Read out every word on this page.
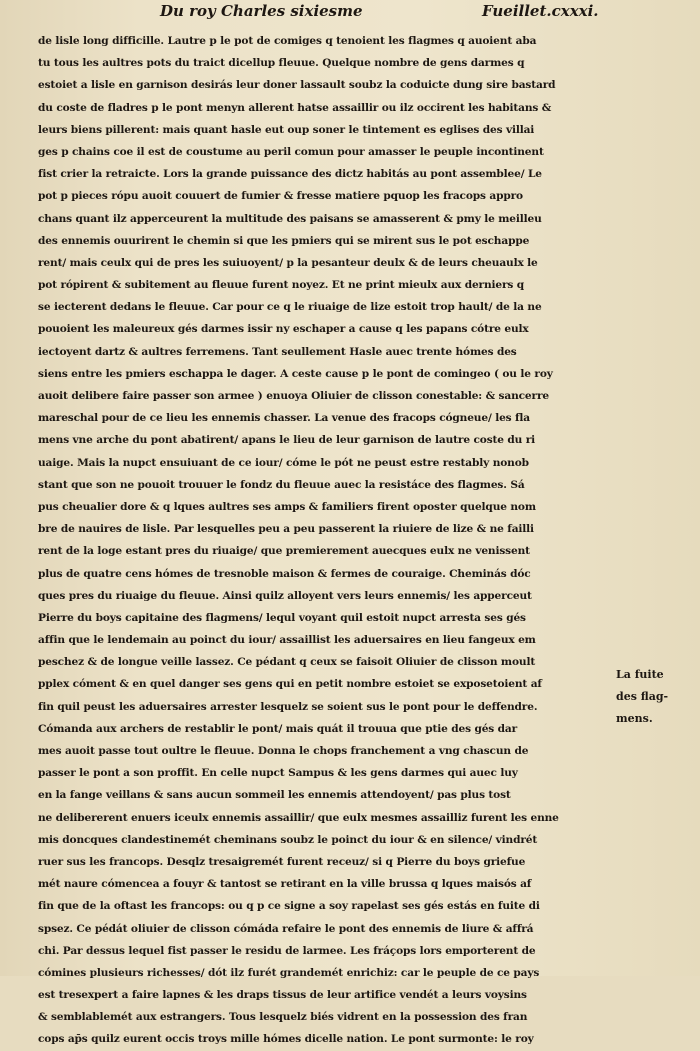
Du roy Charles sixiesme	Fueillet.cxxxi.
de lisle long difficille. Lautre p le pot de comiges q tenoient les flagmes q auoient aba
tu tous les aultres pots du traict dicellup fleuue. Quelque nombre de gens darmes q
estoiet a lisle en garnison desirás leur doner lassault soubz la coduicte dung sire bastard
du coste de fladres p le pont menyn allerent hatse assaillir ou ilz occirent les habitans &
leurs biens pillerent: mais quant hasle eut oup soner le tintement es eglises des villai
ges p chains coe il est de coustume au peril comun pour amasser le peuple incontinent
fist crier la retraicte. Lors la grande puissance des dictz habitás au pont assemblee/ Le
pot p pieces rópu auoit couuert de fumier & fresse matiere pquop les fracops appro
chans quant ilz apperceurent la multitude des paisans se amasserent & pmy le meilleu
des ennemis ouurirent le chemin si que les pmiers qui se mirent sus le pot eschappe
rent/ mais ceulx qui de pres les suiuoyent/ p la pesanteur deulx & de leurs cheuaulx le
pot rópirent & subitement au fleuue furent noyez. Et ne print mieulx aux derniers q
se iecterent dedans le fleuue. Car pour ce q le riuaige de lize estoit trop hault/ de la ne
pouoient les maleureux gés darmes issir ny eschaper a cause q les papans cótre eulx
iectoyent dartz & aultres ferremens. Tant seullement Hasle auec trente hómes des
siens entre les pmiers eschappa le dager. A ceste cause p le pont de comingeo ( ou le roy
auoit delibere faire passer son armee ) enuoya Oliuier de clisson conestable: & sancerre
mareschal pour de ce lieu les ennemis chasser. La venue des fracops cógneue/ les fla
mens vne arche du pont abatirent/ apans le lieu de leur garnison de lautre coste du ri
uaige. Mais la nupct ensuiuant de ce iour/ cóme le pót ne peust estre restably nonob
stant que son ne pouoit trouuer le fondz du fleuue auec la resistáce des flagmes. Sá
pus cheualier dore & q lques aultres ses amps & familiers firent oposter quelque nom
bre de nauires de lisle. Par lesquelles peu a peu passerent la riuiere de lize & ne failli
rent de la loge estant pres du riuaige/ que premierement auecques eulx ne venissent
plus de quatre cens hómes de tresnoble maison & fermes de couraige. Cheminás dóc
ques pres du riuaige du fleuue. Ainsi quilz alloyent vers leurs ennemis/ les apperceut
Pierre du boys capitaine des flagmens/ lequl voyant quil estoit nupct arresta ses gés
affin que le lendemain au poinct du iour/ assaillist les aduersaires en lieu fangeux em
peschez & de longue veille lassez. Ce pédant q ceux se faisoit Oliuier de clisson moult
pplex cóment & en quel danger ses gens qui en petit nombre estoiet se exposetoient af
fin quil peust les aduersaires arrester lesquelz se soient sus le pont pour le deffendre.
Cómanda aux archers de restablir le pont/ mais quát il trouua que ptie des gés dar
mes auoit passe tout oultre le fleuue. Donna le chops franchement a vng chascun de
passer le pont a son proffit. En celle nupct Sampus & les gens darmes qui auec luy
en la fange veillans & sans aucun sommeil les ennemis attendoyent/ pas plus tost
ne delibererent enuers iceulx ennemis assaillir/ que eulx mesmes assailliz furent les enne
mis doncques clandestinemét cheminans soubz le poinct du iour & en silence/ vindrét
ruer sus les francops. Desqlz tresaigremét furent receuz/ si q Pierre du boys griefue
mét naure cómencea a fouyr & tantost se retirant en la ville brussa q lques maisós af
fin que de la oftast les francops: ou q p ce signe a soy rapelast ses gés estás en fuite di
spsez. Ce pédát oliuier de clisson cómáda refaire le pont des ennemis de liure & affrá
chi. Par dessus lequel fist passer le residu de larmee. Les fráçops lors emporterent de
cómines plusieurs richesses/ dót ilz furét grandemét enrichiz: car le peuple de ce pays
est tresexpert a faire lapnes & les draps tissus de leur artifice vendét a leurs voysins
& semblablemét aux estrangers. Tous lesquelz biés vidrent en la possession des fran
cops ap̄s quilz eurent occis troys mille hómes dicelle nation. Le pont surmonte: le roy
La fuite
des flag-
mens.
